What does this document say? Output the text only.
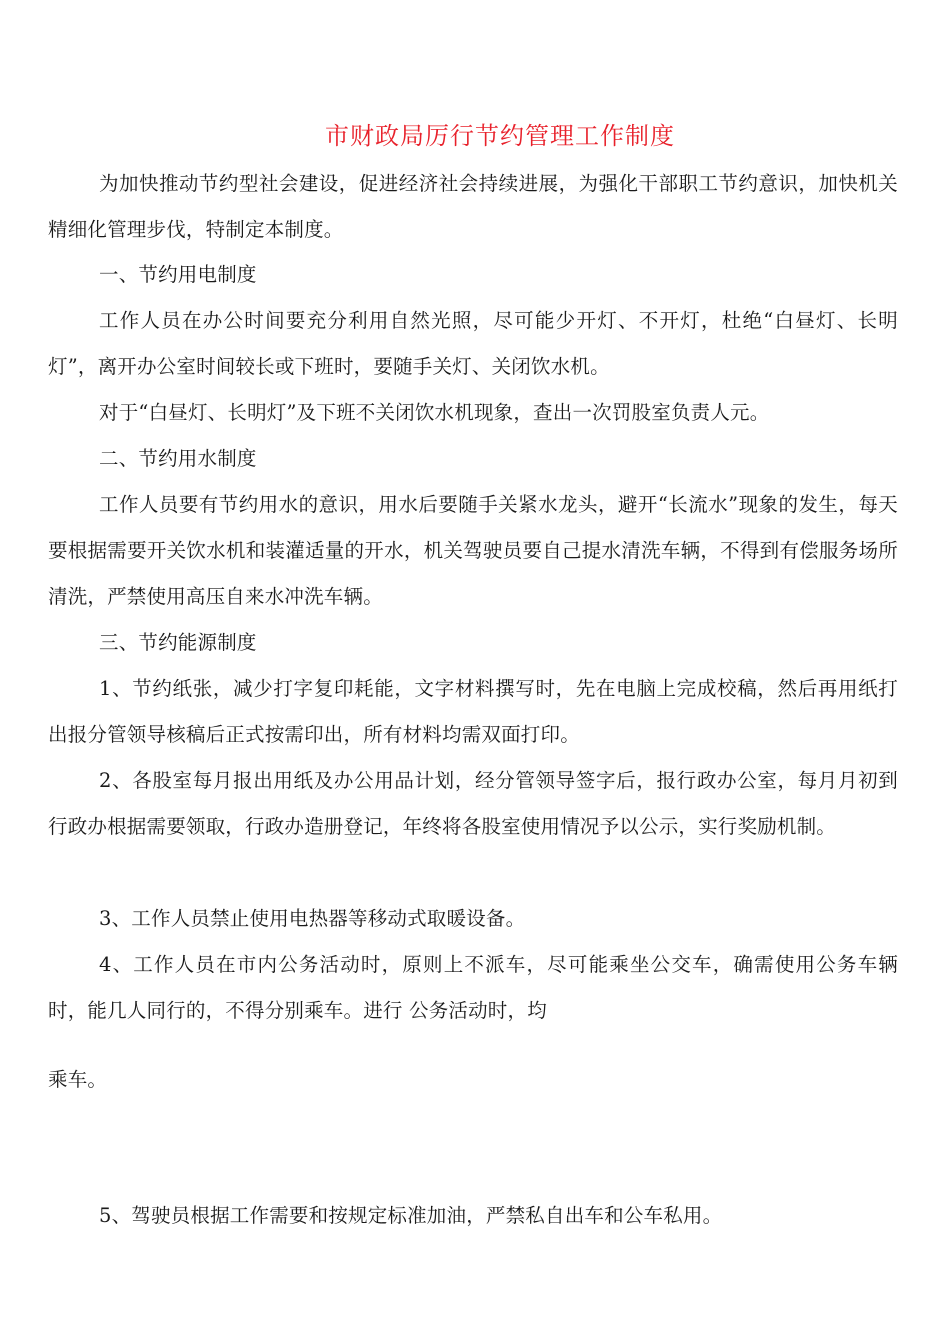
市财政局厉行节约管理工作制度

为加快推动节约型社会建设，促进经济社会持续进展，为强化干部职工节约意识，加快机关精细化管理步伐，特制定本制度。

一、节约用电制度

工作人员在办公时间要充分利用自然光照，尽可能少开灯、不开灯，杜绝“白昼灯、长明灯”，离开办公室时间较长或下班时，要随手关灯、关闭饮水机。

对于“白昼灯、长明灯”及下班不关闭饮水机现象，查出一次罚股室负责人元。

二、节约用水制度

工作人员要有节约用水的意识，用水后要随手关紧水龙头，避开“长流水”现象的发生，每天要根据需要开关饮水机和装灌适量的开水，机关驾驶员要自己提水清洗车辆，不得到有偿服务场所清洗，严禁使用高压自来水冲洗车辆。

三、节约能源制度

1、节约纸张，减少打字复印耗能，文字材料撰写时，先在电脑上完成校稿，然后再用纸打出报分管领导核稿后正式按需印出，所有材料均需双面打印。

2、各股室每月报出用纸及办公用品计划，经分管领导签字后，报行政办公室，每月月初到行政办根据需要领取，行政办造册登记，年终将各股室使用情况予以公示，实行奖励机制。

3、工作人员禁止使用电热器等移动式取暖设备。

4、工作人员在市内公务活动时，原则上不派车，尽可能乘坐公交车，确需使用公务车辆时，能几人同行的，不得分别乘车。进行 公务活动时，均

乘车。

5、驾驶员根据工作需要和按规定标准加油，严禁私自出车和公车私用。
